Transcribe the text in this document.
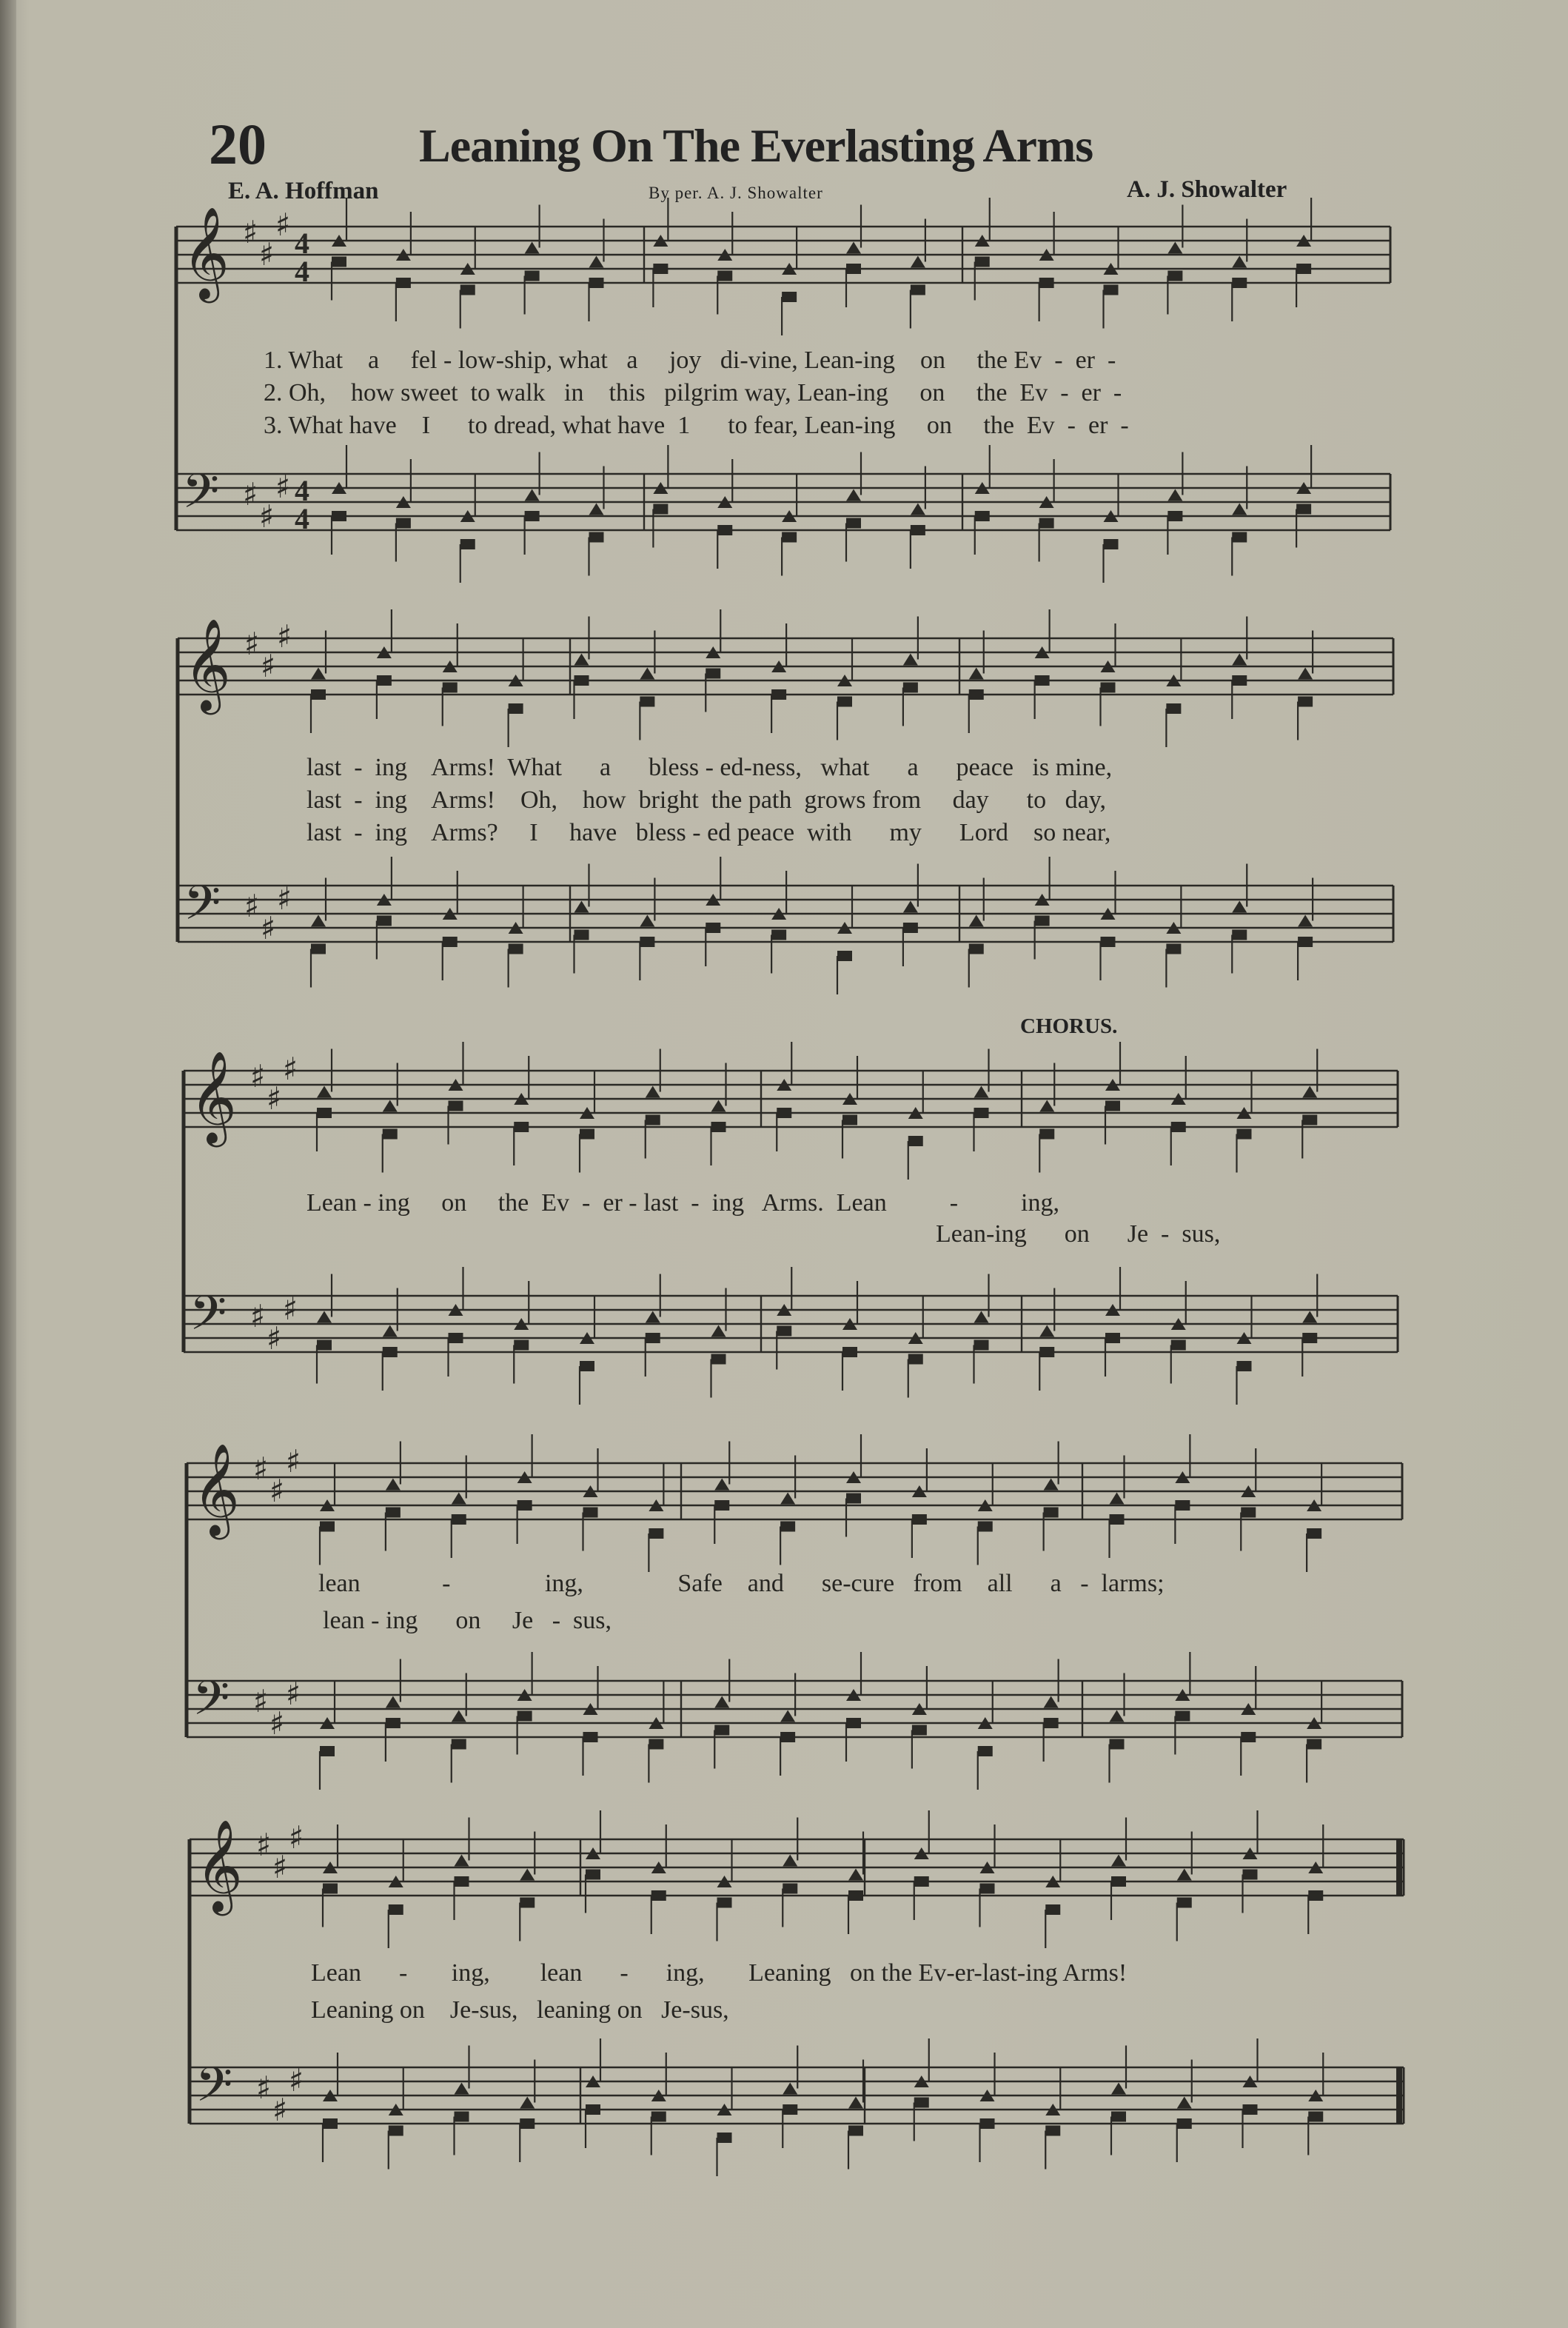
20	Leaning On The Everlasting Arms
E. A. Hoffman	By per. A. J. Showalter	A. J. Showalter
CHORUS.
𝄞 ♯
♯
♯
4
4
𝄢 ♯
♯
♯ 4
4
𝄞 ♯
♯
♯
𝄢 ♯
♯
♯
𝄞 ♯
♯
♯
𝄢 ♯
♯
♯
𝄞 ♯
♯
♯
𝄢 ♯
♯
♯
𝄞 ♯
♯
♯
𝄢 ♯
♯
♯
1. What    a     fel - low-ship, what   a     joy   di-vine, Lean-ing    on     the Ev  -  er  -
2. Oh,    how sweet  to walk   in    this   pilgrim way, Lean-ing     on     the  Ev  -  er  -
3. What have    I      to dread, what have  1      to fear, Lean-ing     on     the  Ev  -  er  -
last  -  ing    Arms!  What      a      bless - ed-ness,   what      a      peace   is mine,
last  -  ing    Arms!    Oh,    how  bright  the path  grows from     day      to   day,
last  -  ing    Arms?     I     have   bless - ed peace  with      my      Lord    so near,
Lean - ing     on     the  Ev  -  er - last  -  ing   Arms.  Lean          -          ing,
Lean-ing      on      Je  -  sus,
lean             -               ing,               Safe    and      se-cure   from    all      a   -  larms;
lean - ing      on     Je   -  sus,
Lean      -       ing,        lean      -      ing,       Leaning   on the Ev-er-last-ing Arms!
Leaning on    Je-sus,   leaning on   Je-sus,
